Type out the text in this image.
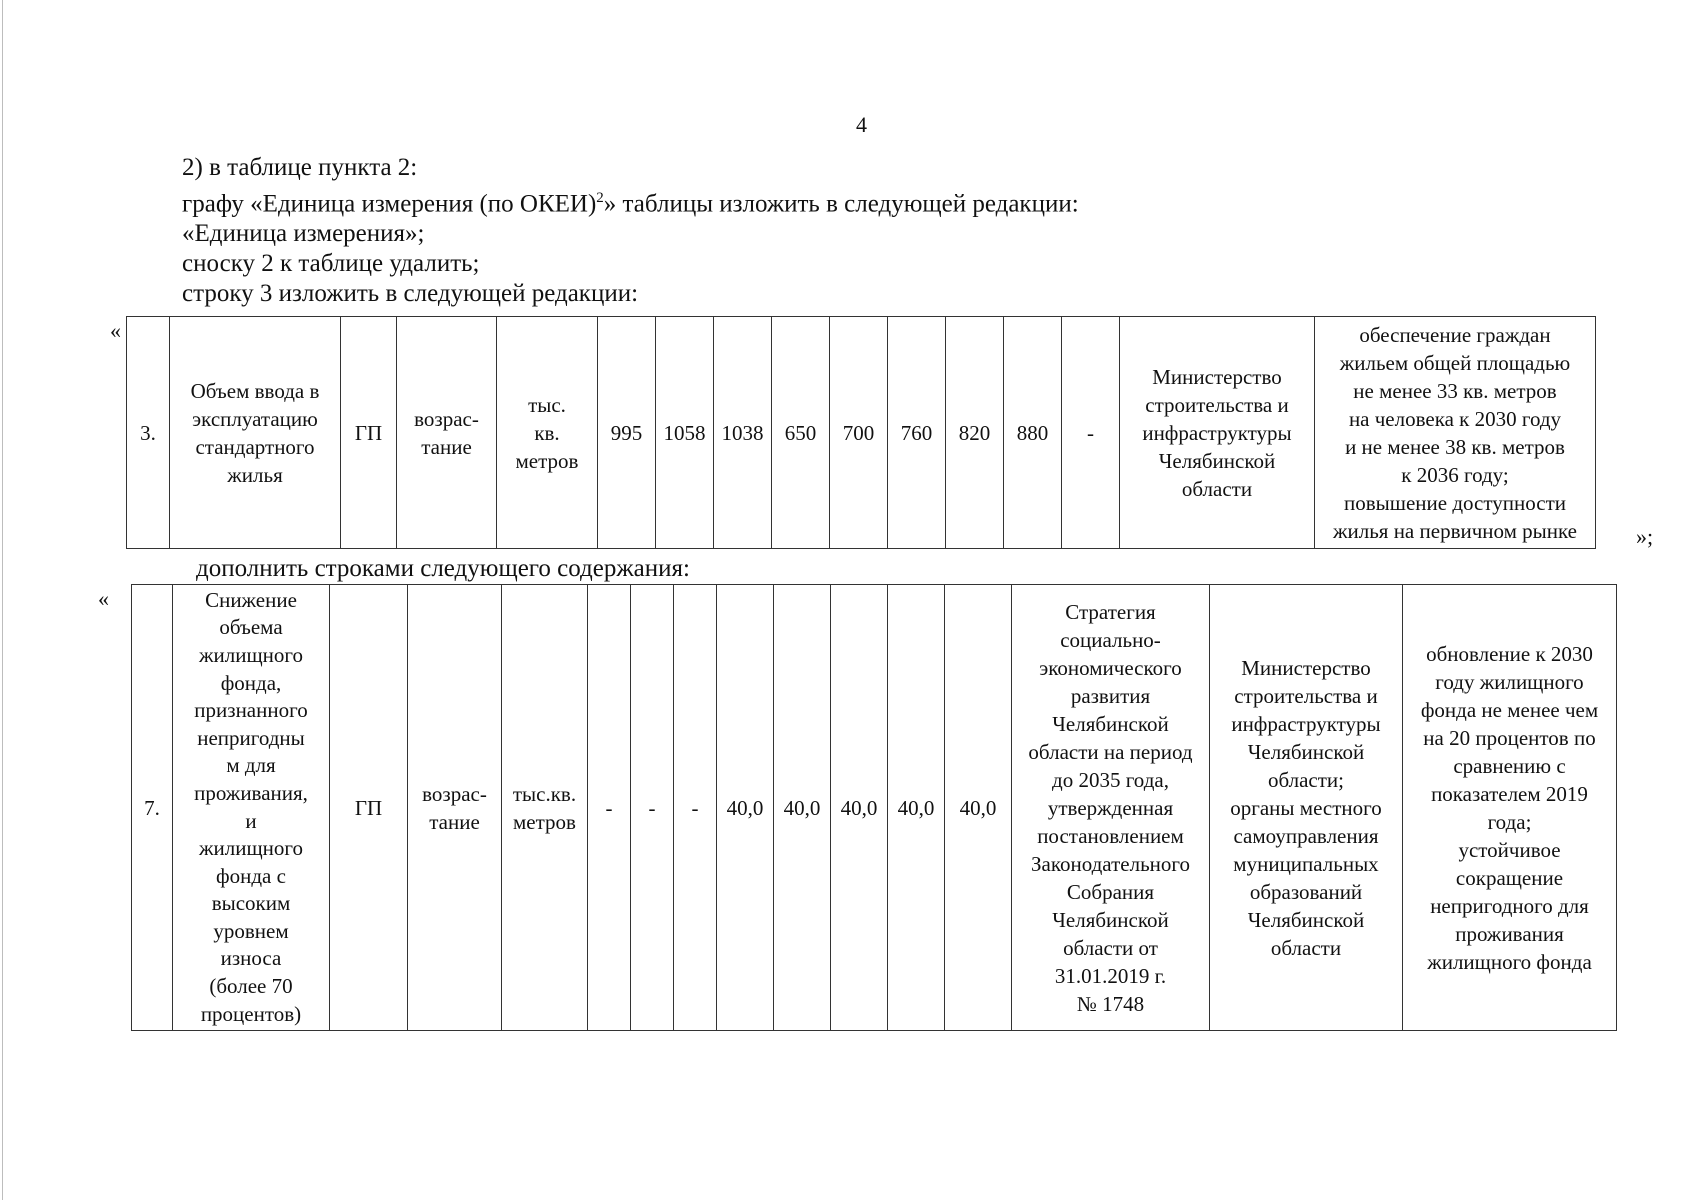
4
2) в таблице пункта 2:
графу «Единица измерения (по ОКЕИ)$^2$» таблицы изложить в следующей редакции:
«Единица измерения»;
сноску 2 к таблице удалить;
строку 3 изложить в следующей редакции:
«
3.	Объем ввода в
эксплуатацию
стандартного
жилья	ГП	возрас-
тание	тыс.
кв.
метров	995	1058	1038	650	700	760	820	880	-	Министерство
строительства и
инфраструктуры
Челябинской
области	обеспечение граждан
жильем общей площадью
не менее 33 кв. метров
на человека к 2030 году
и не менее 38 кв. метров
к 2036 году;
повышение доступности
жилья на первичном рынке	»;
дополнить строками следующего содержания:
«
7.	Снижение
объема
жилищного
фонда,
признанного
непригодны
м для
проживания,
и
жилищного
фонда с
высоким
уровнем
износа
(более 70
процентов)	ГП	возрас-
тание	тыс.кв.
метров	-	-	-	40,0	40,0	40,0	40,0	40,0	Стратегия
социально-
экономического
развития
Челябинской
области на период
до 2035 года,
утвержденная
постановлением
Законодательного
Собрания
Челябинской
области от
31.01.2019 г.
№ 1748	Министерство
строительства и
инфраструктуры
Челябинской
области;
органы местного
самоуправления
муниципальных
образований
Челябинской
области	обновление к 2030
году жилищного
фонда не менее чем
на 20 процентов по
сравнению с
показателем 2019
года;
устойчивое
сокращение
непригодного для
проживания
жилищного фонда
